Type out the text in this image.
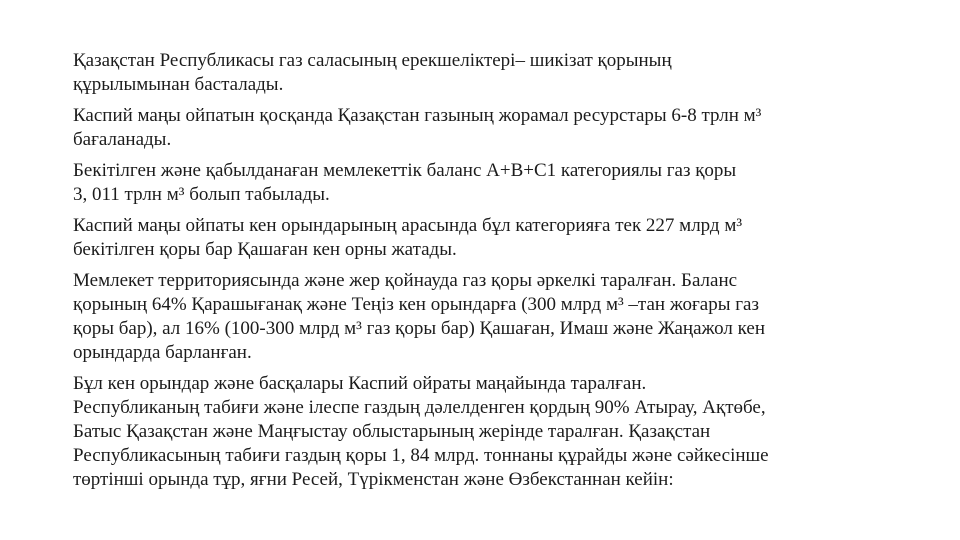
Қазақстан Республикасы газ саласының ерекшеліктері– шикізат қорының
құрылымынан басталады.

Каспий маңы ойпатын қосқанда Қазақстан газының жорамал ресурстары 6-8 трлн м³
бағаланады.

Бекітілген және қабылданаған мемлекеттік баланс А+В+С1 категориялы газ қоры
3, 011 трлн м³ болып табылады.

Каспий маңы ойпаты кен орындарының арасында бұл категорияға тек 227 млрд м³
бекітілген қоры бар Қашаған кен орны жатады.

Мемлекет территориясында және жер қойнауда газ қоры әркелкі таралған. Баланс
қорының 64% Қарашығанақ және Теңіз кен орындарға (300 млрд м³ –тан жоғары газ
қоры бар), ал 16% (100-300 млрд м³ газ қоры бар) Қашаған, Имаш және Жаңажол кен
орындарда барланған.

Бұл кен орындар және басқалары Каспий ойраты маңайында таралған.
Республиканың табиғи және ілеспе газдың дәлелденген қордың 90% Атырау, Ақтөбе,
Батыс Қазақстан және Маңғыстау облыстарының жерінде таралған. Қазақстан
Республикасының табиғи газдың қоры 1, 84 млрд. тоннаны құрайды және сәйкесінше
төртінші орында тұр, яғни Ресей, Түрікменстан және Өзбекстаннан кейін:
